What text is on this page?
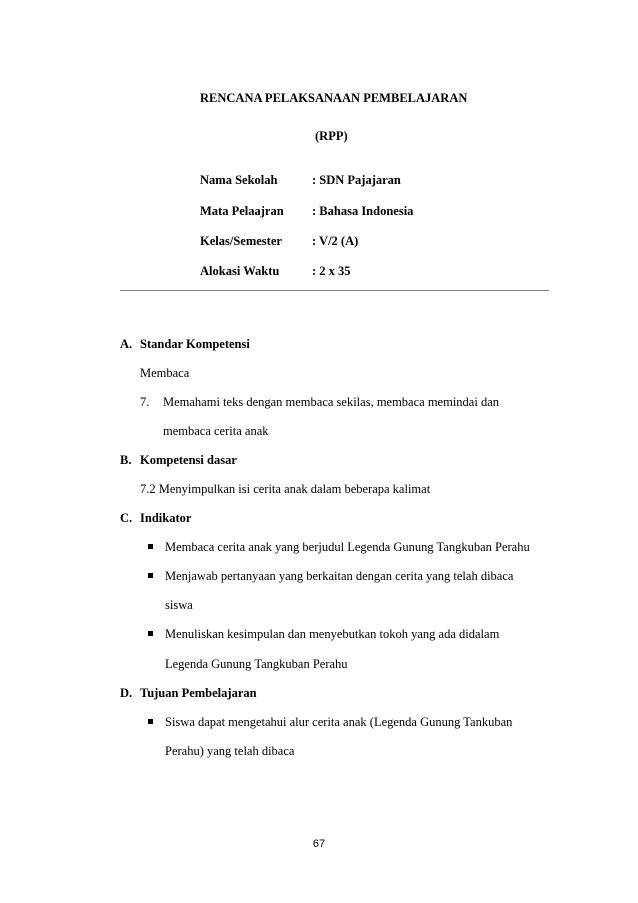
RENCANA PELAKSANAAN PEMBELAJARAN
(RPP)
Nama Sekolah	: SDN Pajajaran
Mata Pelaajran : Bahasa Indonesia
Kelas/Semester : V/2 (A)
Alokasi Waktu	: 2 x 35
A. Standar Kompetensi
Membaca
7. Memahami teks dengan membaca sekilas, membaca memindai dan
membaca cerita anak
B. Kompetensi dasar
7.2 Menyimpulkan isi cerita anak dalam beberapa kalimat
C. Indikator
Membaca cerita anak yang berjudul Legenda Gunung Tangkuban Perahu
Menjawab pertanyaan yang berkaitan dengan cerita yang telah dibaca
siswa
Menuliskan kesimpulan dan menyebutkan tokoh yang ada didalam
Legenda Gunung Tangkuban Perahu
D. Tujuan Pembelajaran
Siswa dapat mengetahui alur cerita anak (Legenda Gunung Tankuban
Perahu) yang telah dibaca
67
